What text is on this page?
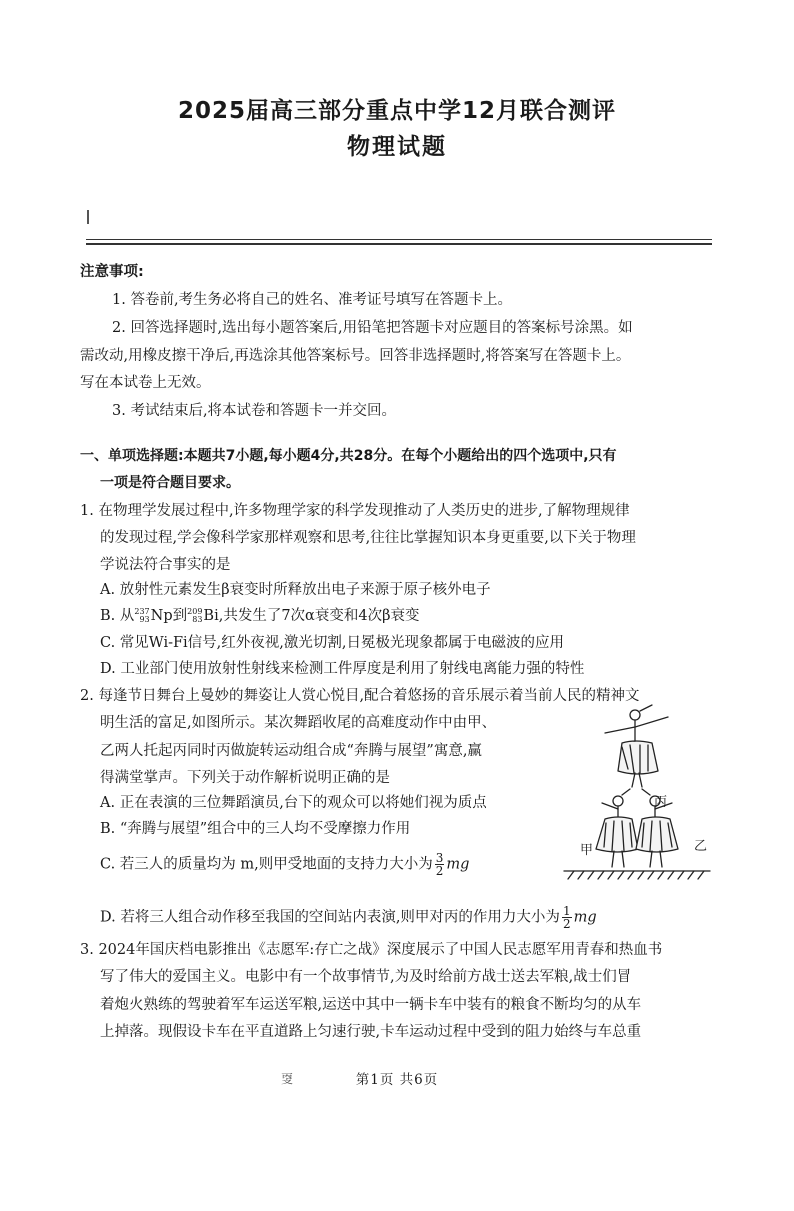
2025届高三部分重点中学12月联合测评
物理试题
注意事项:
1. 答卷前,考生务必将自己的姓名、准考证号填写在答题卡上。
2. 回答选择题时,选出每小题答案后,用铅笔把答题卡对应题目的答案标号涂黑。如
需改动,用橡皮擦干净后,再选涂其他答案标号。回答非选择题时,将答案写在答题卡上。
写在本试卷上无效。
3. 考试结束后,将本试卷和答题卡一并交回。
一、单项选择题:本题共7小题,每小题4分,共28分。在每个小题给出的四个选项中,只有
一项是符合题目要求。
1. 在物理学发展过程中,许多物理学家的科学发现推动了人类历史的进步,了解物理规律
的发现过程,学会像科学家那样观察和思考,往往比掌握知识本身更重要,以下关于物理
学说法符合事实的是
A. 放射性元素发生β衰变时所释放出电子来源于原子核外电子
B. 从 237
93 Np到 209
83 Bi,共发生了7次α衰变和4次β衰变
C. 常见Wi-Fi信号,红外夜视,激光切割,日冕极光现象都属于电磁波的应用
D. 工业部门使用放射性射线来检测工件厚度是利用了射线电离能力强的特性
2. 每逢节日舞台上曼妙的舞姿让人赏心悦目,配合着悠扬的音乐展示着当前人民的精神文
明生活的富足,如图所示。某次舞蹈收尾的高难度动作中由甲、
乙两人托起丙同时丙做旋转运动组合成“奔腾与展望”寓意,赢
得满堂掌声。下列关于动作解析说明正确的是
A. 正在表演的三位舞蹈演员,台下的观众可以将她们视为质点
B. “奔腾与展望”组合中的三人均不受摩擦力作用
C. 若三人的质量均为 m,则甲受地面的支持力大小为 $\frac{3}{2}$ mg
D. 若将三人组合动作移至我国的空间站内表演,则甲对丙的作用力大小为 $\frac{1}{2}$ mg
丙
甲	乙
3. 2024年国庆档电影推出《志愿军:存亡之战》深度展示了中国人民志愿军用青春和热血书
写了伟大的爱国主义。电影中有一个故事情节,为及时给前方战士送去军粮,战士们冒
着炮火熟练的驾驶着军车运送军粮,运送中其中一辆卡车中装有的粮食不断均匀的从车
上掉落。现假设卡车在平直道路上匀速行驶,卡车运动过程中受到的阻力始终与车总重
㪅	第1页 共6页
